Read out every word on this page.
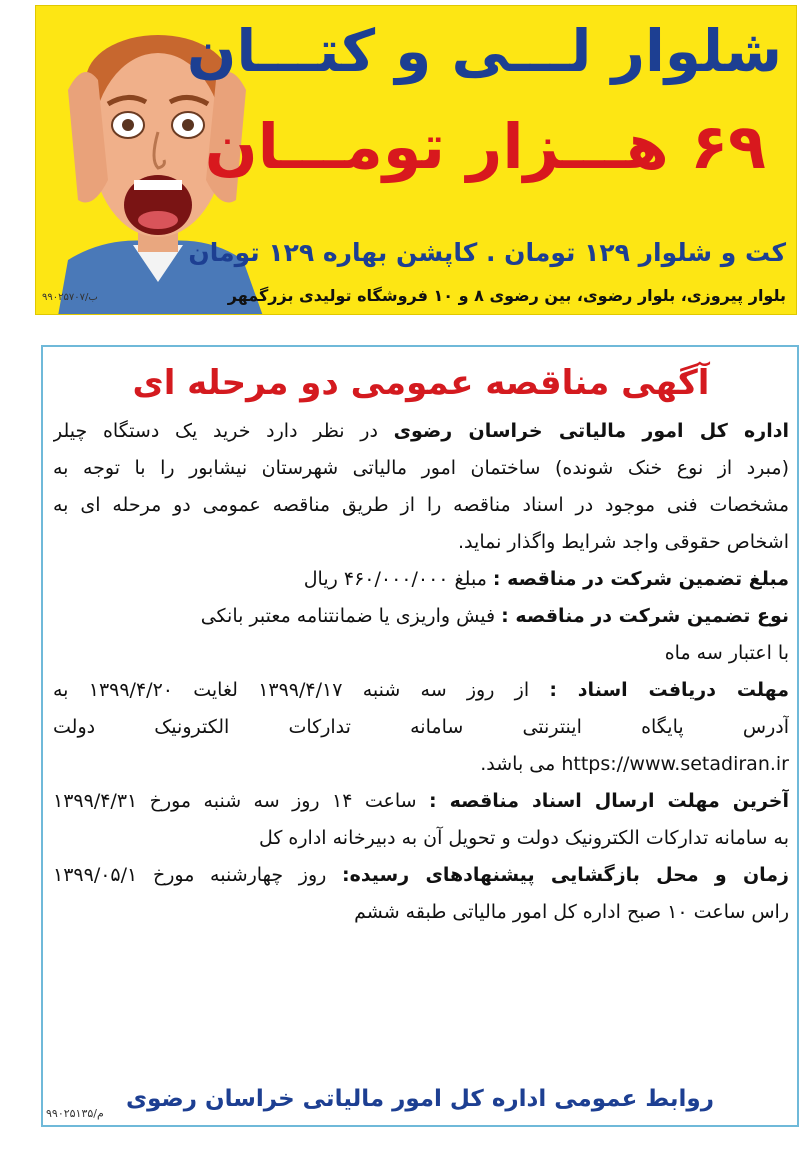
شلوار لـــی و کتـــان
۶۹ هـــزار تومـــان
کت و شلوار ۱۲۹ تومان . کاپشن بهاره ۱۲۹ تومان
بلوار پیروزی، بلوار رضوی، بین رضوی ۸ و ۱۰ فروشگاه تولیدی بزرگمهر
۹۹۰۲۵۷۰۷/ب
آگهی مناقصه عمومی دو مرحله ای
اداره کل امور مالیاتی خراسان رضوی در نظر دارد خرید یک دستگاه چیلر
(مبرد از نوع خنک شونده) ساختمان امور مالیاتی شهرستان نیشابور را با توجه به
مشخصات فنی موجود در اسناد مناقصه را از طریق مناقصه عمومی دو مرحله ای به
اشخاص حقوقی واجد شرایط واگذار نماید.
مبلغ تضمین شرکت در مناقصه : مبلغ ۴۶۰/۰۰۰/۰۰۰ ریال
نوع تضمین شرکت در مناقصه : فیش واریزی یا ضمانتنامه معتبر بانکی
با اعتبار سه ماه
مهلت دریافت اسناد : از روز سه شنبه ۱۳۹۹/۴/۱۷ لغایت ۱۳۹۹/۴/۲۰ به
آدرس پایگاه اینترنتی سامانه تدارکات الکترونیک دولت
https://www.setadiran.ir می باشد.
آخرین مهلت ارسال اسناد مناقصه : ساعت ۱۴ روز سه شنبه مورخ ۱۳۹۹/۴/۳۱
به سامانه تدارکات الکترونیک دولت و تحویل آن به دبیرخانه اداره کل
زمان و محل بازگشایی پیشنهادهای رسیده: روز چهارشنبه مورخ ۱۳۹۹/۰۵/۱
راس ساعت ۱۰ صبح اداره کل امور مالیاتی طبقه ششم
روابط عمومی اداره کل امور مالیاتی خراسان رضوی
م/۹۹۰۲۵۱۳۵
